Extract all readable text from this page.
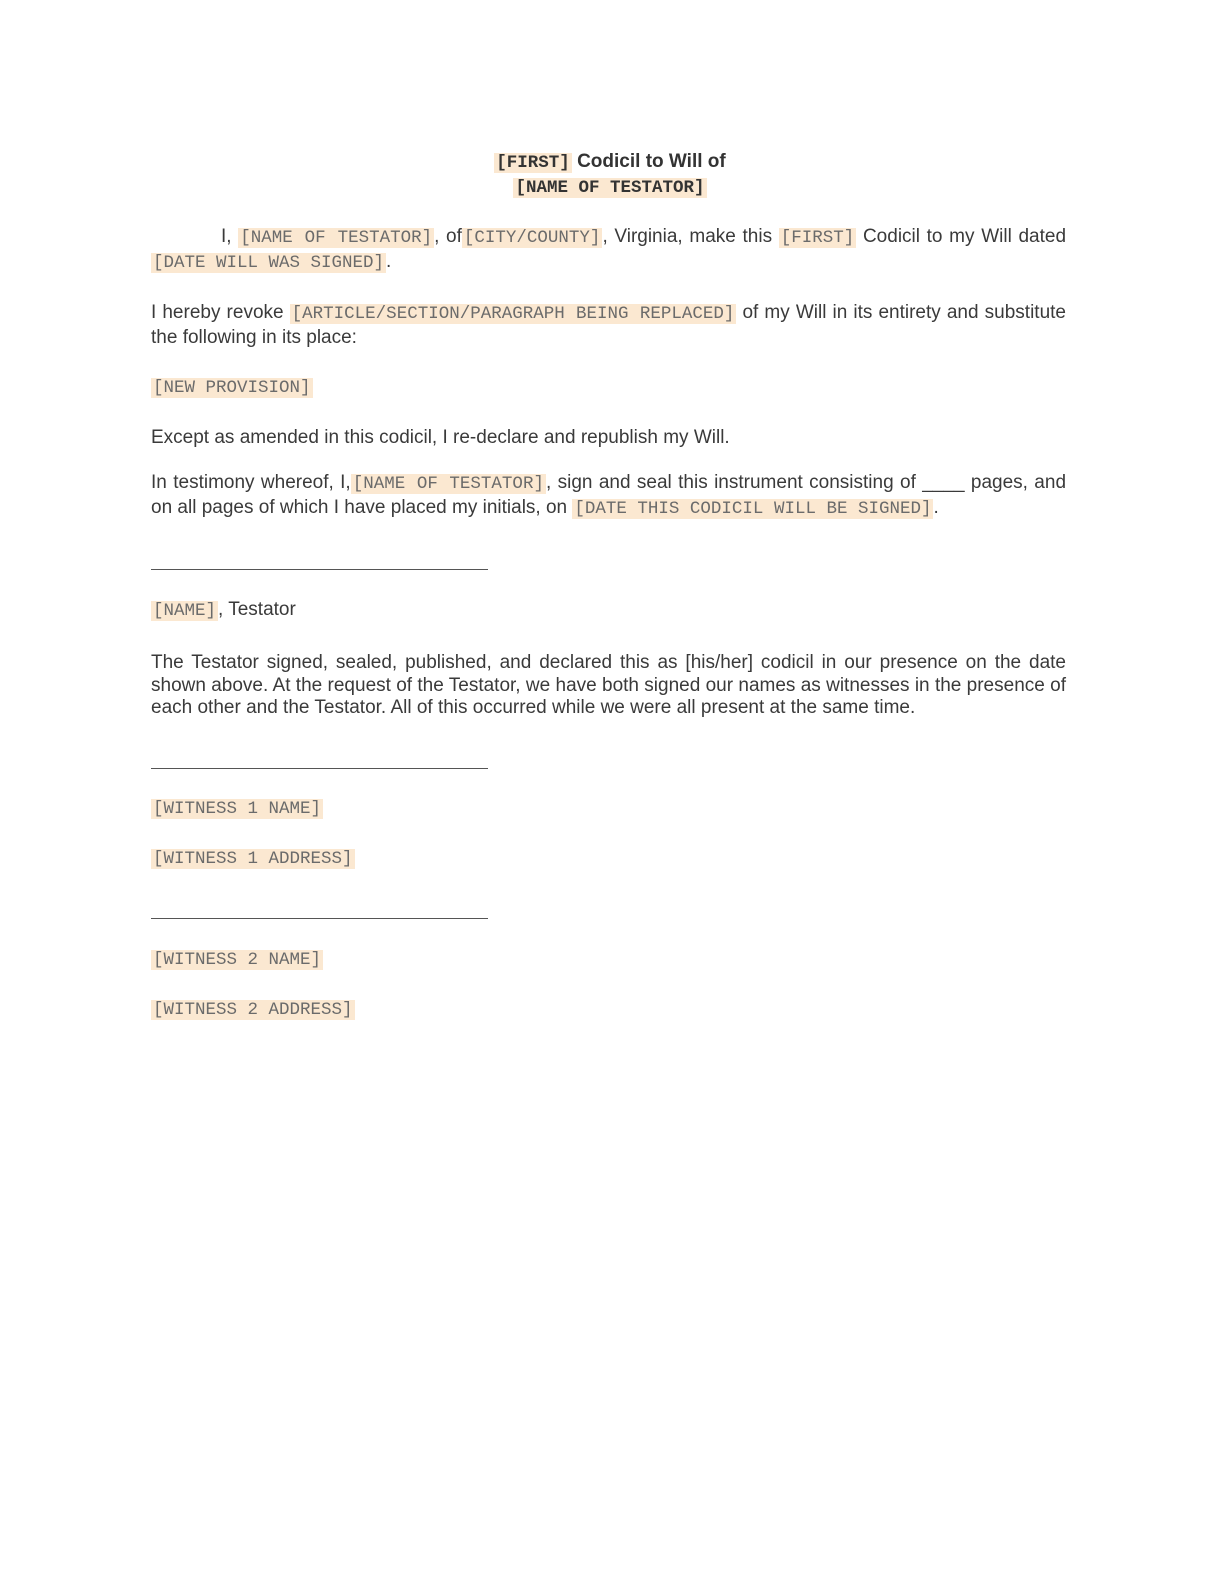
[FIRST] Codicil to Will of
[NAME OF TESTATOR]
I, [NAME OF TESTATOR] , of [CITY/COUNTY] , Virginia, make this [FIRST] Codicil to my Will dated [DATE WILL WAS SIGNED] .
I hereby revoke [ARTICLE/SECTION/PARAGRAPH BEING REPLACED] of my Will in its entirety and substitute the following in its place:
[NEW PROVISION]
Except as amended in this codicil, I re-declare and republish my Will.
In testimony whereof, I, [NAME OF TESTATOR] , sign and seal this instrument consisting of ____ pages, and on all pages of which I have placed my initials, on [DATE THIS CODICIL WILL BE SIGNED] .
[NAME] , Testator
The Testator signed, sealed, published, and declared this as [his/her] codicil in our presence on the date shown above. At the request of the Testator, we have both signed our names as witnesses in the presence of each other and the Testator. All of this occurred while we were all present at the same time.
[WITNESS 1 NAME]
[WITNESS 1 ADDRESS]
[WITNESS 2 NAME]
[WITNESS 2 ADDRESS]
